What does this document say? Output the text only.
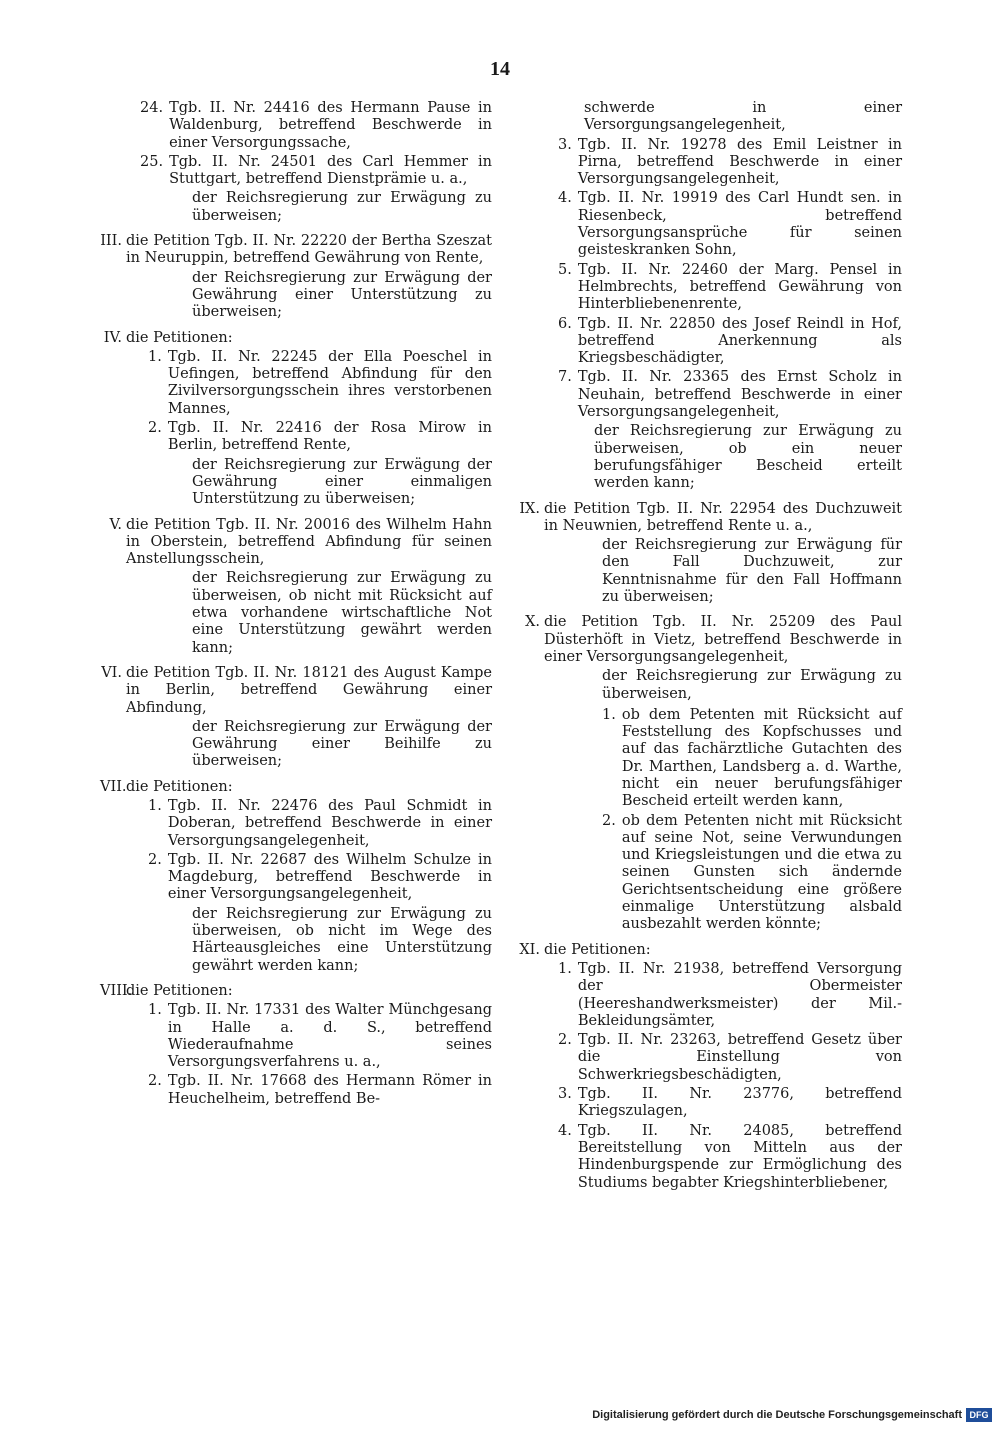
14
24. Tgb. II. Nr. 24416 des Hermann Pause in Waldenburg, betreffend Beschwerde in einer Versorgungssache,
25. Tgb. II. Nr. 24501 des Carl Hemmer in Stuttgart, betreffend Dienstprämie u. a.,

der Reichsregierung zur Erwägung zu überweisen;

III. die Petition Tgb. II. Nr. 22220 der Bertha Szeszat in Neuruppin, betreffend Gewährung von Rente,

der Reichsregierung zur Erwägung der Gewährung einer Unterstützung zu überweisen;

IV. die Petitionen:
1. Tgb. II. Nr. 22245 der Ella Poeschel in Uefingen, betreffend Abfindung für den Zivilversorgungsschein ihres verstorbenen Mannes,
2. Tgb. II. Nr. 22416 der Rosa Mirow in Berlin, betreffend Rente,

der Reichsregierung zur Erwägung der Gewährung einer einmaligen Unterstützung zu überweisen;

V. die Petition Tgb. II. Nr. 20016 des Wilhelm Hahn in Oberstein, betreffend Abfindung für seinen Anstellungsschein,

der Reichsregierung zur Erwägung zu überweisen, ob nicht mit Rücksicht auf etwa vorhandene wirtschaftliche Not eine Unterstützung gewährt werden kann;

VI. die Petition Tgb. II. Nr. 18121 des August Kampe in Berlin, betreffend Gewährung einer Abfindung,

der Reichsregierung zur Erwägung der Gewährung einer Beihilfe zu überweisen;

VII. die Petitionen:
1. Tgb. II. Nr. 22476 des Paul Schmidt in Doberan, betreffend Beschwerde in einer Versorgungsangelegenheit,
2. Tgb. II. Nr. 22687 des Wilhelm Schulze in Magdeburg, betreffend Beschwerde in einer Versorgungsangelegenheit,

der Reichsregierung zur Erwägung zu überweisen, ob nicht im Wege des Härteausgleiches eine Unterstützung gewährt werden kann;

VIII.
die Petitionen:
1. Tgb. II. Nr. 17331 des Walter Münchgesang in Halle a. d. S., betreffend Wiederaufnahme seines Versorgungsverfahrens u. a.,
2. Tgb. II. Nr. 17668 des Hermann Römer in Heuchelheim, betreffend Be-

schwerde in einer Versorgungsangelegenheit,

3. Tgb. II. Nr. 19278 des Emil Leistner in Pirna, betreffend Beschwerde in einer Versorgungsangelegenheit,
4. Tgb. II. Nr. 19919 des Carl Hundt sen. in Riesenbeck, betreffend Versorgungsansprüche für seinen geisteskranken Sohn,
5. Tgb. II. Nr. 22460 der Marg. Pensel in Helmbrechts, betreffend Gewährung von Hinterbliebenenrente,
6. Tgb. II. Nr. 22850 des Josef Reindl in Hof, betreffend Anerkennung als Kriegsbeschädigter,
7. Tgb. II. Nr. 23365 des Ernst Scholz in Neuhain, betreffend Beschwerde in einer Versorgungsangelegenheit,

der Reichsregierung zur Erwägung zu überweisen, ob ein neuer berufungsfähiger Bescheid erteilt werden kann;

IX. die Petition Tgb. II. Nr. 22954 des Duchzuweit in Neuwnien, betreffend Rente u. a.,

der Reichsregierung zur Erwägung für den Fall Duchzuweit, zur Kenntnisnahme für den Fall Hoffmann zu überweisen;

X. die Petition Tgb. II. Nr. 25209 des Paul Düsterhöft in Vietz, betreffend Beschwerde in einer Versorgungsangelegenheit,

der Reichsregierung zur Erwägung zu überweisen,

1. ob dem Petenten mit Rücksicht auf Feststellung des Kopfschusses und auf das fachärztliche Gutachten des Dr. Marthen, Landsberg a. d. Warthe, nicht ein neuer berufungsfähiger Bescheid erteilt werden kann,
2. ob dem Petenten nicht mit Rücksicht auf seine Not, seine Verwundungen und Kriegsleistungen und die etwa zu seinen Gunsten sich ändernde Gerichtsentscheidung eine größere einmalige Unterstützung alsbald ausbezahlt werden könnte;
XI. die Petitionen:
1. Tgb. II. Nr. 21938, betreffend Versorgung der Obermeister (Heereshandwerksmeister) der Mil.-Bekleidungsämter,
2. Tgb. II. Nr. 23263, betreffend Gesetz über die Einstellung von Schwerkriegsbeschädigten,
3. Tgb. II. Nr. 23776, betreffend Kriegszulagen,
4. Tgb. II. Nr. 24085, betreffend Bereitstellung von Mitteln aus der Hindenburgspende zur Ermöglichung des Studiums begabter Kriegshinterbliebener,
Digitalisierung gefördert durch die Deutsche Forschungsgemeinschaft DFG
